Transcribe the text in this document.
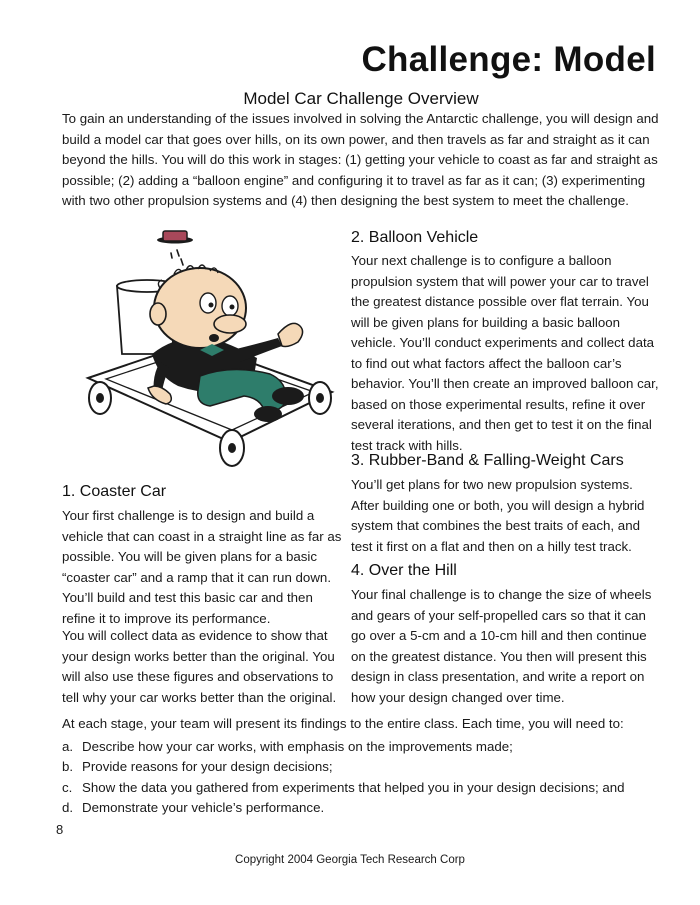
Challenge: Model
Model Car Challenge Overview
To gain an understanding of the issues involved in solving the Antarctic challenge, you will design and build a model car that goes over hills, on its own power, and then travels as far and straight as it can beyond the hills. You will do this work in stages: (1) getting your vehicle to coast as far and straight as possible; (2) adding a “balloon engine” and configuring it to travel as far as it can; (3) experimenting with two other propulsion systems and (4) then designing the best system to meet the challenge.
2. Balloon Vehicle
Your next challenge is to configure a balloon propulsion system that will power your car to travel the greatest distance possible over flat terrain. You will be given plans for building a basic balloon vehicle. You’ll conduct experiments and collect data to find out what factors affect the balloon car’s behavior. You’ll then create an improved balloon car, based on those experimental results, refine it over several iterations, and then get to test it on the final test track with hills.
3. Rubber-Band & Falling-Weight Cars
You’ll get plans for two new propulsion systems. After building one or both, you will design a hybrid system that combines the best traits of each, and test it first on a flat and then on a hilly test track.
4. Over the Hill
Your final challenge is to change the size of wheels and gears of your self-propelled cars so that it can go over a 5-cm and a 10-cm hill and then continue on the greatest distance. You then will present this design in class presentation, and write a report on how your design changed over time.
1. Coaster Car
Your first challenge is to design and build a vehicle that can coast in a straight line as far as possible. You will be given plans for a basic “coaster car” and a ramp that it can run down. You’ll build and test this basic car and then refine it to improve its performance.
You will collect data as evidence to show that your design works better than the original. You will also use these figures and observations to tell why your car works better than the original.

At each stage, your team will present its findings to the entire class. Each time, you will need to:

a. Describe how your car works, with emphasis on the improvements made;
b. Provide reasons for your design decisions;
c. Show the data you gathered from experiments that helped you in your design decisions; and
d. Demonstrate your vehicle’s performance.
8
Copyright 2004 Georgia Tech Research Corp
